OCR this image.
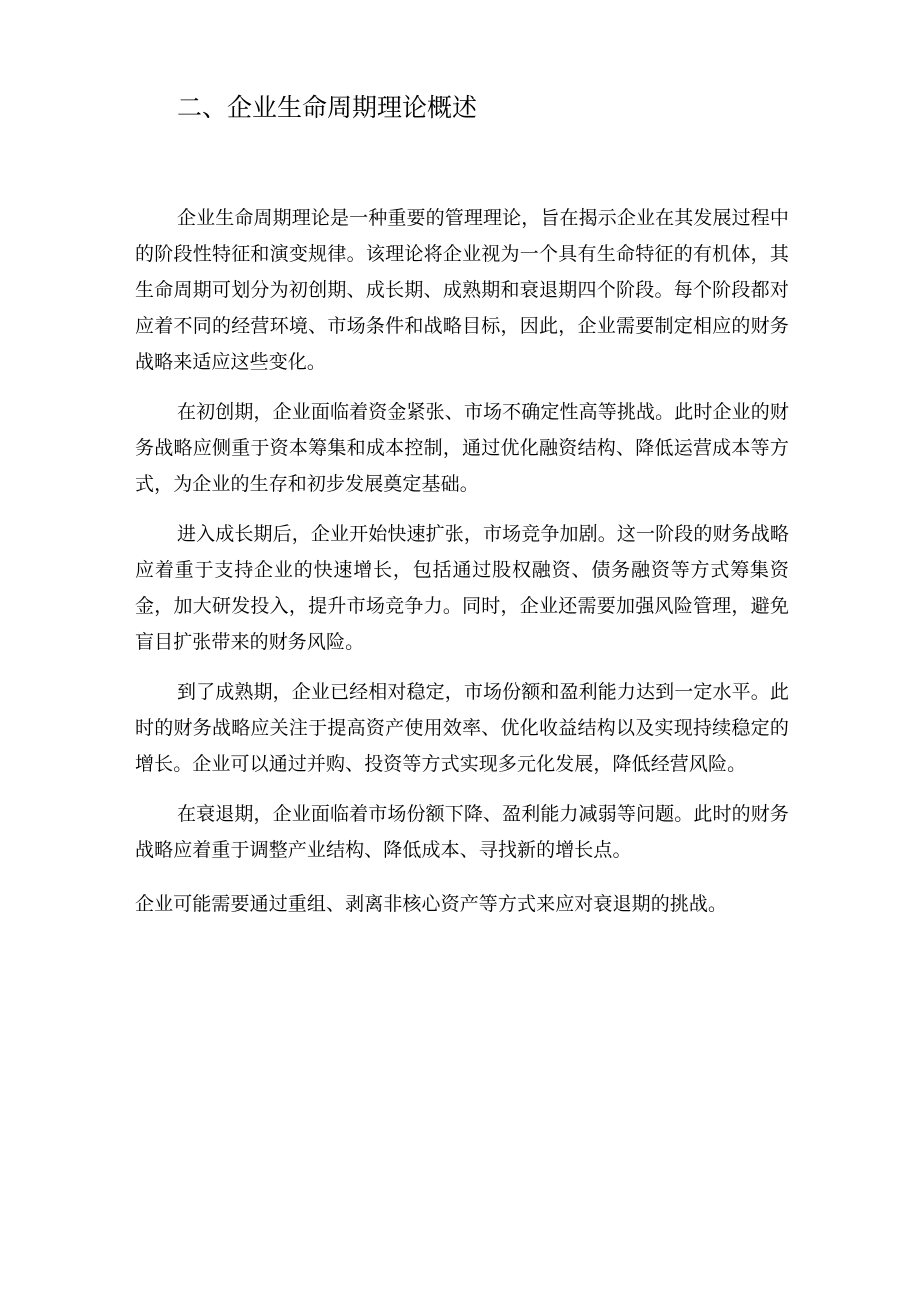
二、企业生命周期理论概述

企业生命周期理论是一种重要的管理理论，旨在揭示企业在其发展过程中的阶段性特征和演变规律。该理论将企业视为一个具有生命特征的有机体，其生命周期可划分为初创期、成长期、成熟期和衰退期四个阶段。每个阶段都对应着不同的经营环境、市场条件和战略目标，因此，企业需要制定相应的财务战略来适应这些变化。

在初创期，企业面临着资金紧张、市场不确定性高等挑战。此时企业的财务战略应侧重于资本筹集和成本控制，通过优化融资结构、降低运营成本等方式，为企业的生存和初步发展奠定基础。

进入成长期后，企业开始快速扩张，市场竞争加剧。这一阶段的财务战略应着重于支持企业的快速增长，包括通过股权融资、债务融资等方式筹集资金，加大研发投入，提升市场竞争力。同时，企业还需要加强风险管理，避免盲目扩张带来的财务风险。

到了成熟期，企业已经相对稳定，市场份额和盈利能力达到一定水平。此时的财务战略应关注于提高资产使用效率、优化收益结构以及实现持续稳定的增长。企业可以通过并购、投资等方式实现多元化发展，降低经营风险。

在衰退期，企业面临着市场份额下降、盈利能力减弱等问题。此时的财务战略应着重于调整产业结构、降低成本、寻找新的增长点。

企业可能需要通过重组、剥离非核心资产等方式来应对衰退期的挑战。
